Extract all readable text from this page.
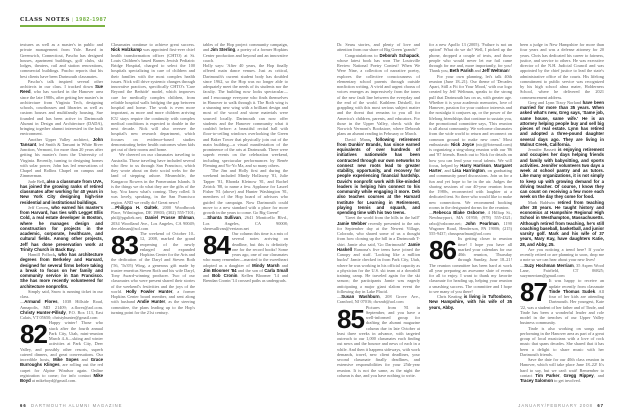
CLASS NOTES | 1982-1987

textures as well as a master's in public and private management from Yale. Based in Greenwich, Connecticut, Pascho has designed houses, apartment buildings, golf clubs, ski lodges, theaters, rail and station renovations, commercial buildings. Pascho reports that his best clients have been Dartmouth classmates.

Pascho's talk inspired several other architects in our class. I tracked down Sue Reed, who has worked in the Hanover area since the late 1980s, after getting her master's in architecture from Virginia Tech, designing schools, courthouses and libraries as well as custom houses and multifamily housing. Sue founded and has been active in Dartmouth Alumni in Design and Architecture (DADA), bringing together alumni interested in the built environment.

Another Upper Valley architect, John Tansant, led Smith & Tansant in White River Junction, Vermont, for more than 20 years after getting his master's from the University of Virginia. Recently, turning to designing homes with solar power, John has led renovations of Chapel and Rollins Chapel on campus and Zimmerman.

Jude Bell, also a classmate from UVA, has joined the growing ranks of retired classmates after working for 40 years in New York City designing high-rise residential and institutional buildings.

Jeff Cowen, who earned his master's from Harvard, has ties with Legget Ellis Cold, a real estate developer in Boston, where he manages design and construction for projects in the academic, corporate, healthcare, and cultural fields. Among other projects, Jeff has done preservation work at Trinity Church in Back Bay.

Hamill Pollock, who has architecture degrees from Berkeley and Harvard, designed for several firms before taking a break to focus on her family and community service in San Francisco. She has more recently volunteered for architecture nonprofits.

Simply said, Snow is running ticket in our class.

—Armand Flores, 1038 Hillside Road, Annapolis, MD 21409; a.flores@aol.com. Christy Hunter-Pillsdy, P.O. Box 113, East Calais, VT 05650; christyhunter@gmail.com

82 Happy winter! Those who stuck after the fourth annual Park City, Utah, mini-reunion March 4–6—skiing and winter activities at Park City, Deer Valley, and possibly other resorts, superb catered dinners, and great conversations. Our incredible hosts, Mike Sopes and Grace Burroughs Klinges, are rolling out the red carpet for Alpine Windsor again. Online registration to come; for info contact Mike Boyd at mikeboyd@gmail.com.

Classmates continue to achieve great success. Nick Holzkamp was appointed first-ever chief health transformation officer (CHTO) at St. Louis Children's based Barnes Jewish Pediatric Bridge Hospital, charged to select the 100 hospitals specializing in care of children and their families with the most complex health issues. Nick will drive systemic changes through innovative practices, specifically CHTO's 'Care Beyond the Bedside' model, which improves care for medically complex children, from reliable hospital walls bridging the gap between hospital and home. The work is even more important, as more and more children arriving ICU stays require the continuity with complex medical conditions is expected to double in the next decade. Nick will also oversee the hospital's new research department, which focuses on evidence-based studies demonstrating better health outcomes when kids get out of their rooms and home.

We cheered on our classmates traveling to Australia. Those traveling have included several who flew to us through San Francisco, which they wrote about on their social webs for the land of stepping ashore. Meanwhile, the Kangaroo Rowers in the Pomeranian Islands. It is the things we do what they are the gifts of the bay. You know what's coming. They rolled. It was lovely, speaking, in the San Francisco region. AND we really do! Great news!

—Philippa H. Gultek, 2000 Woodbrook Place, Wilmington, DE 19803; (302) 555-7101; phil@pgultek.net; Daniel Prasse Ehlman, 2034 Woodland Ave., Los Angeles, CA 90049; dee.ehlman@aol.com

83 The weekend of October 10–12, 2008, marked the grand reopening of the newly enlarged and expanded Hopkins Center for the Arts and the dedication of the Daryl and Steven Roth ('56, 'Tu'05) Wing, a generous gift made by trustee emeritus Steven Roth and his wife Daryl, Tony Award-winning producer. Two of our classmates who were present shared their stories of the weekend's festivities and the joys of the world. Holly Fowler Hunter, a former Hopkins Center board member, and sent along with husband Andie Hunter, as the steering committee, the plans leading up to the Hop's turning point for the 21st century.

tables of the Hop project community campaign, and Jim Sterling, a poetry of a former Hopkins Center production and beyond and an innovative coach.

Holly says: 'After 40 years, the Hop finally offered main dance venues. Just as critical, Dartmouth's current student body has doubled since 1962, so the Hop was no longer able to adequately meet the needs of its students nor the faculty. The building now looks spectacular—and I encourage everyone who finds themselves in Hanover to walk through it. The Roth wing is a stunning new wing with a brilliant design and most of the wood and stone materials were sourced locally. Dartmouth can now offer students and the Hanover community what it couldn't before: a beautiful recital hall with floor-to-ceiling windows overlooking the Green and Baker Tower that physically join out of the main building—a visual manifestation of the prominence of the arts at Dartmouth. There were superb events on the celebration weekend, including spectacular performances by Renée Fleming and Yo-Yo Ma, and so many others.

'The Jim and Holly first and during the weekend included Mindy Hollaway '81, Julie Tapper '81, Rhonda Kleinow '81, and Rachel Zeirick '88, to name a few. Applause for Laurel Fisher '81 (above) and Hunter Washington '81, members of the Hop board of advisors who guided the campaign. Now Dartmouth could move to a new standard with a place for more growth in the years to come. Go Big Green!'

—Shanta Sullivan, 2641 Monticello Blvd., Los Angeles, CA 90008; sheresullivan@verizon.net

84 Our column this time is a mix of several notes arriving on deadline, but this is definitely one for the record books! Some years ago, one of our classmates who many remember—married to the sweetheart adopted as a daughter of Mindy Marsh and Jim Bloomer '84 and the son of Carla Small and Bob Cronin. Kellen Bloomer '14 and Brendan Cronin '14 crossed paths as undergrads.

Dr. Seuss stories, and plenty of love and attention from our share of Big Green 'grands!'

Congratulations to Deborah Schapack, whose latest book has won The Louisville Review National Poetry Contest! When We Were Nine, a collection of narrative poetry, explores the collective consciousness of elementary school parents through outside nonfiction writing. A vivid and urgent chorus of voices emerges as impressively from the tones of the new fault line between the everyday and the end of the world. Kathleen Driskell, for grappling with this most serious subject matter and the threat that remains to you all for America's children, parents, and educators. For those in the Upper Valley, check with the Norwich Vermont's Bookstore, where Deborah plans an alumni reading in February or March.

David Mann, following retirement from Dunkin' Brands, has since earned equivalents of over hundreds of initiatives nationwide has been contracted through our own networks to connect new roots lead to greater stability, opportunity, and recovery for people experiencing financial hardship. David's nonprofit work with like-minded leaders is helping him connect to his community while engaging it more. Deb also teaches courses at the Harvard Institute for Learning in Retirement, playing tennis and squash, and spending time with his two teens.

'Greet the world from the hills in the hall!' Jamie Webber recently presented to the arts for September day at the Newest Village, Colorado, who shared some of us a thought from how cloning up the hill in a Dartmouth T-shirt. Jamie also said, 'Go Dartmouth!' Jamie Haskell Ramona's five teens have joined the Canopy and stuff. 'Looking like a million bucks!' Jamie checked in from Park City, Utah, where he was working in his official capacity as a physician for the U.S. ski team at a downhill training camp. He traveled again for the ski season; the participants Jamie was eagerly anticipating a major giant slalom event the following day in Lake Placid.

—Susan Washburn, 208 Grove Ave., Cranford, NJ 07016; dwsmb@aol.com

85 Pictures from '81 in September, and you have a well-informed group for drafting the alumni magazine column due in late October at least three weeks in advance, with targeted outreach to our 1,000 classmates each finding out news and the bounce and news of each in a while. And then it happens sideways, with work demands, travel, new client deadlines, your second classmate finally deadlines, and extensive responsibilities for your 25th-year reunion. It is not the same, as the night the column is due, and you have nothing to write.

for a new Apollo 13 (2005). 'Failure is not an option!' What do we do? Well, I picked up the phone, dropped a couple of texts, and those people who would never let me fail came through for me and, more importantly, for you! Thank you, Beth Parish and Jeff Weltman!

For your own planning, let's talk 40th reunion (June 18–21). Our theme of 'Decades Apart, Still a Fit for Your Mood,' with our logo created by Jeff Weltman, speaks to the strong pull that Dartmouth has on us, with greater age. Whether it is your academic memories, love of Hanover, passion for your outdoor interests and the nostalgia it conjures up, or the power of the lifelong friendships that continue to sustain you, the promotional committee says, 'This reunion is all about community. We welcome classmates from the wide world to return and reconnect on common ground to make new ones.' Most enthusiastic Nick Joyce (nicj@fotemail.com) is organizing a sing-along reunion with our '86 and '87 friends. Reach out to Nick for details on how you can lend your vocal talents. We will focus, helped by Harry Harrison, Margaret Harter, and Lisa Harrington, on graduating and community panel discussions. Join us for a fun and yet hope to be in the air. Judges the sharing sessions of our 40-year reunion from the 1980s, reconnected with laughter at a dedicated tent. So there who would like to make new connections. We recommend booking rooms in the designated dorms for the reunion.

—Rebecca Blake Osborne, 4 Hilltop St., Newburyport, MA 01950; (978) 555-4321; rabo@osborne.net; John Pearlman, 1190 Wagoner Road, Henderson, PA 19006; (215) 555-9437; chruspearlman@aol.com

86 Its getting closer to reunion time! I hope you have all marked your calendars for our 40th reunion, Thursday through Sunday, June 18–21! The reunion committee has been hard at work all year preparing an awesome slate of events for all to enjoy. I want to thank my favorite classmate for heading up, helping your reunion a smashing success. The committee and I hope to see many of you there!

Chris Keating is living in Tuftonboro, New Hampshire, with his wife of 35 years, Abby.

been a judge in New Hampshire for more than four years and was a defense attorney for 20 years. Chris has dedicated his career to fairness, justice, and service to others. He was executive director of the N.H. Judicial Council and was appointed by the chief justice to lead the state's administrative office of the courts. His lifelong commitment to public service was recognized by his high school alma mater, Holderness School, where he delivered the 2021 commencement address.

Greg and Lynn Tracy Norland have been married for more than 35 years. When asked what's new, Greg says, 'Same job, same house, same wife.' He is an attorney helping people buy and sell big pieces of real estate. Lynn has retired and adopted a three-pound daughter several days ago. They are living in Walnut Creek, California.

Jennifer Bassett is enjoying retirement and occupies her days helping friends and family with babysitting, and sports activities. Jennifer volunteers two days a week at school pantry and as tutors. Like many organizations, it is not simply to keep up with growing demand for a driving teacher. Of course, I know they can count on receiving a few more each week on the day they come for food.

Mark Baldwin retired from teaching after 38 years. He taught history and economics at Hampshire Regional High School in Westhampton, Massachusetts. Although retired from teaching, he's still coaching baseball, basketball, and junior varsity golf. Mark and his wife of 37 years, Mary Kay, have daughters Katie, 28, and Abby, 25.

Are you noticing a trend here? If you're recently retired or are planning to soon, drop me a note so we can hear about your new lives!

—Suzy Hochman Merriam, 35 Aspen Wood Lane, Fairfield, CT 06825; suzymerriam@gmail.com

87 It was happy to receive an update recently from classmate Tinde Thomas Sudek. All four of her kids are attending Dartmouth. Her youngest, Kate '22, was a student of her father and of Tinde, and Tinde has been a wonderful leader and role model in the trenches of our Upper Valley business community.

Tinde is also working on songs and performing in the Hanover area as part of a great group of local musicians with a love of rock music that spans decades. She shared that it has been a delight to share music with her Dartmouth friends.

Save the date for our 40th class reunion in Hanover, which will take place June 18–22! It's hard to say, but we can't wait! Remember to contact Tim Parker, Gregg Rippey, and Tracey Salomon to get involved.

66 DARTMOUTH ALUMNI MAGAZINE	JANUARY/FEBRUARY 2008 67
